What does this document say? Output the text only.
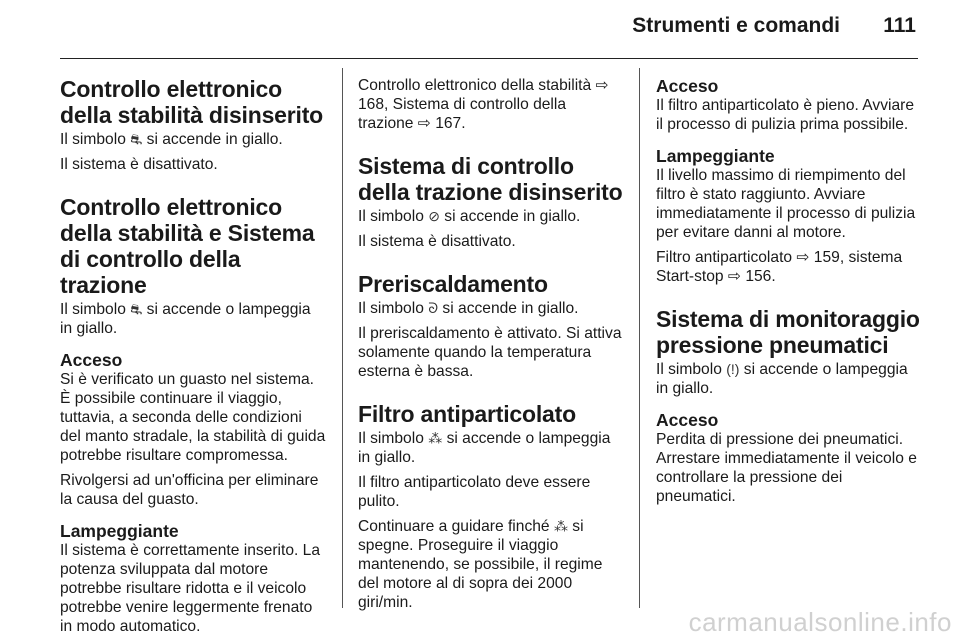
Strumenti e comandi 111
Controllo elettronico della stabilità disinserito

Il simbolo ⛐ si accende in giallo.

Il sistema è disattivato.

Controllo elettronico della stabilità e Sistema di controllo della trazione

Il simbolo ⛐ si accende o lampeggia in giallo.

Acceso

Si è verificato un guasto nel sistema. È possibile continuare il viaggio, tuttavia, a seconda delle condizioni del manto stradale, la stabilità di guida potrebbe risultare compromessa.

Rivolgersi ad un'officina per eliminare la causa del guasto.

Lampeggiante

Il sistema è correttamente inserito. La potenza sviluppata dal motore potrebbe risultare ridotta e il veicolo potrebbe venire leggermente frenato in modo automatico.

Controllo elettronico della stabilità ⇨ 168, Sistema di controllo della trazione ⇨ 167.

Sistema di controllo della trazione disinserito

Il simbolo ⊘ si accende in giallo.

Il sistema è disattivato.

Preriscaldamento

Il simbolo ᘐ si accende in giallo.

Il preriscaldamento è attivato. Si attiva solamente quando la temperatura esterna è bassa.

Filtro antiparticolato

Il simbolo ⁂ si accende o lampeggia in giallo.

Il filtro antiparticolato deve essere pulito.

Continuare a guidare finché ⁂ si spegne. Proseguire il viaggio mantenendo, se possibile, il regime del motore al di sopra dei 2000 giri/min.

Acceso

Il filtro antiparticolato è pieno. Avviare il processo di pulizia prima possibile.

Lampeggiante

Il livello massimo di riempimento del filtro è stato raggiunto. Avviare immediatamente il processo di pulizia per evitare danni al motore.

Filtro antiparticolato ⇨ 159, sistema Start-stop ⇨ 156.

Sistema di monitoraggio pressione pneumatici

Il simbolo (!) si accende o lampeggia in giallo.

Acceso

Perdita di pressione dei pneumatici. Arrestare immediatamente il veicolo e controllare la pressione dei pneumatici.

carmanualsonline.info
